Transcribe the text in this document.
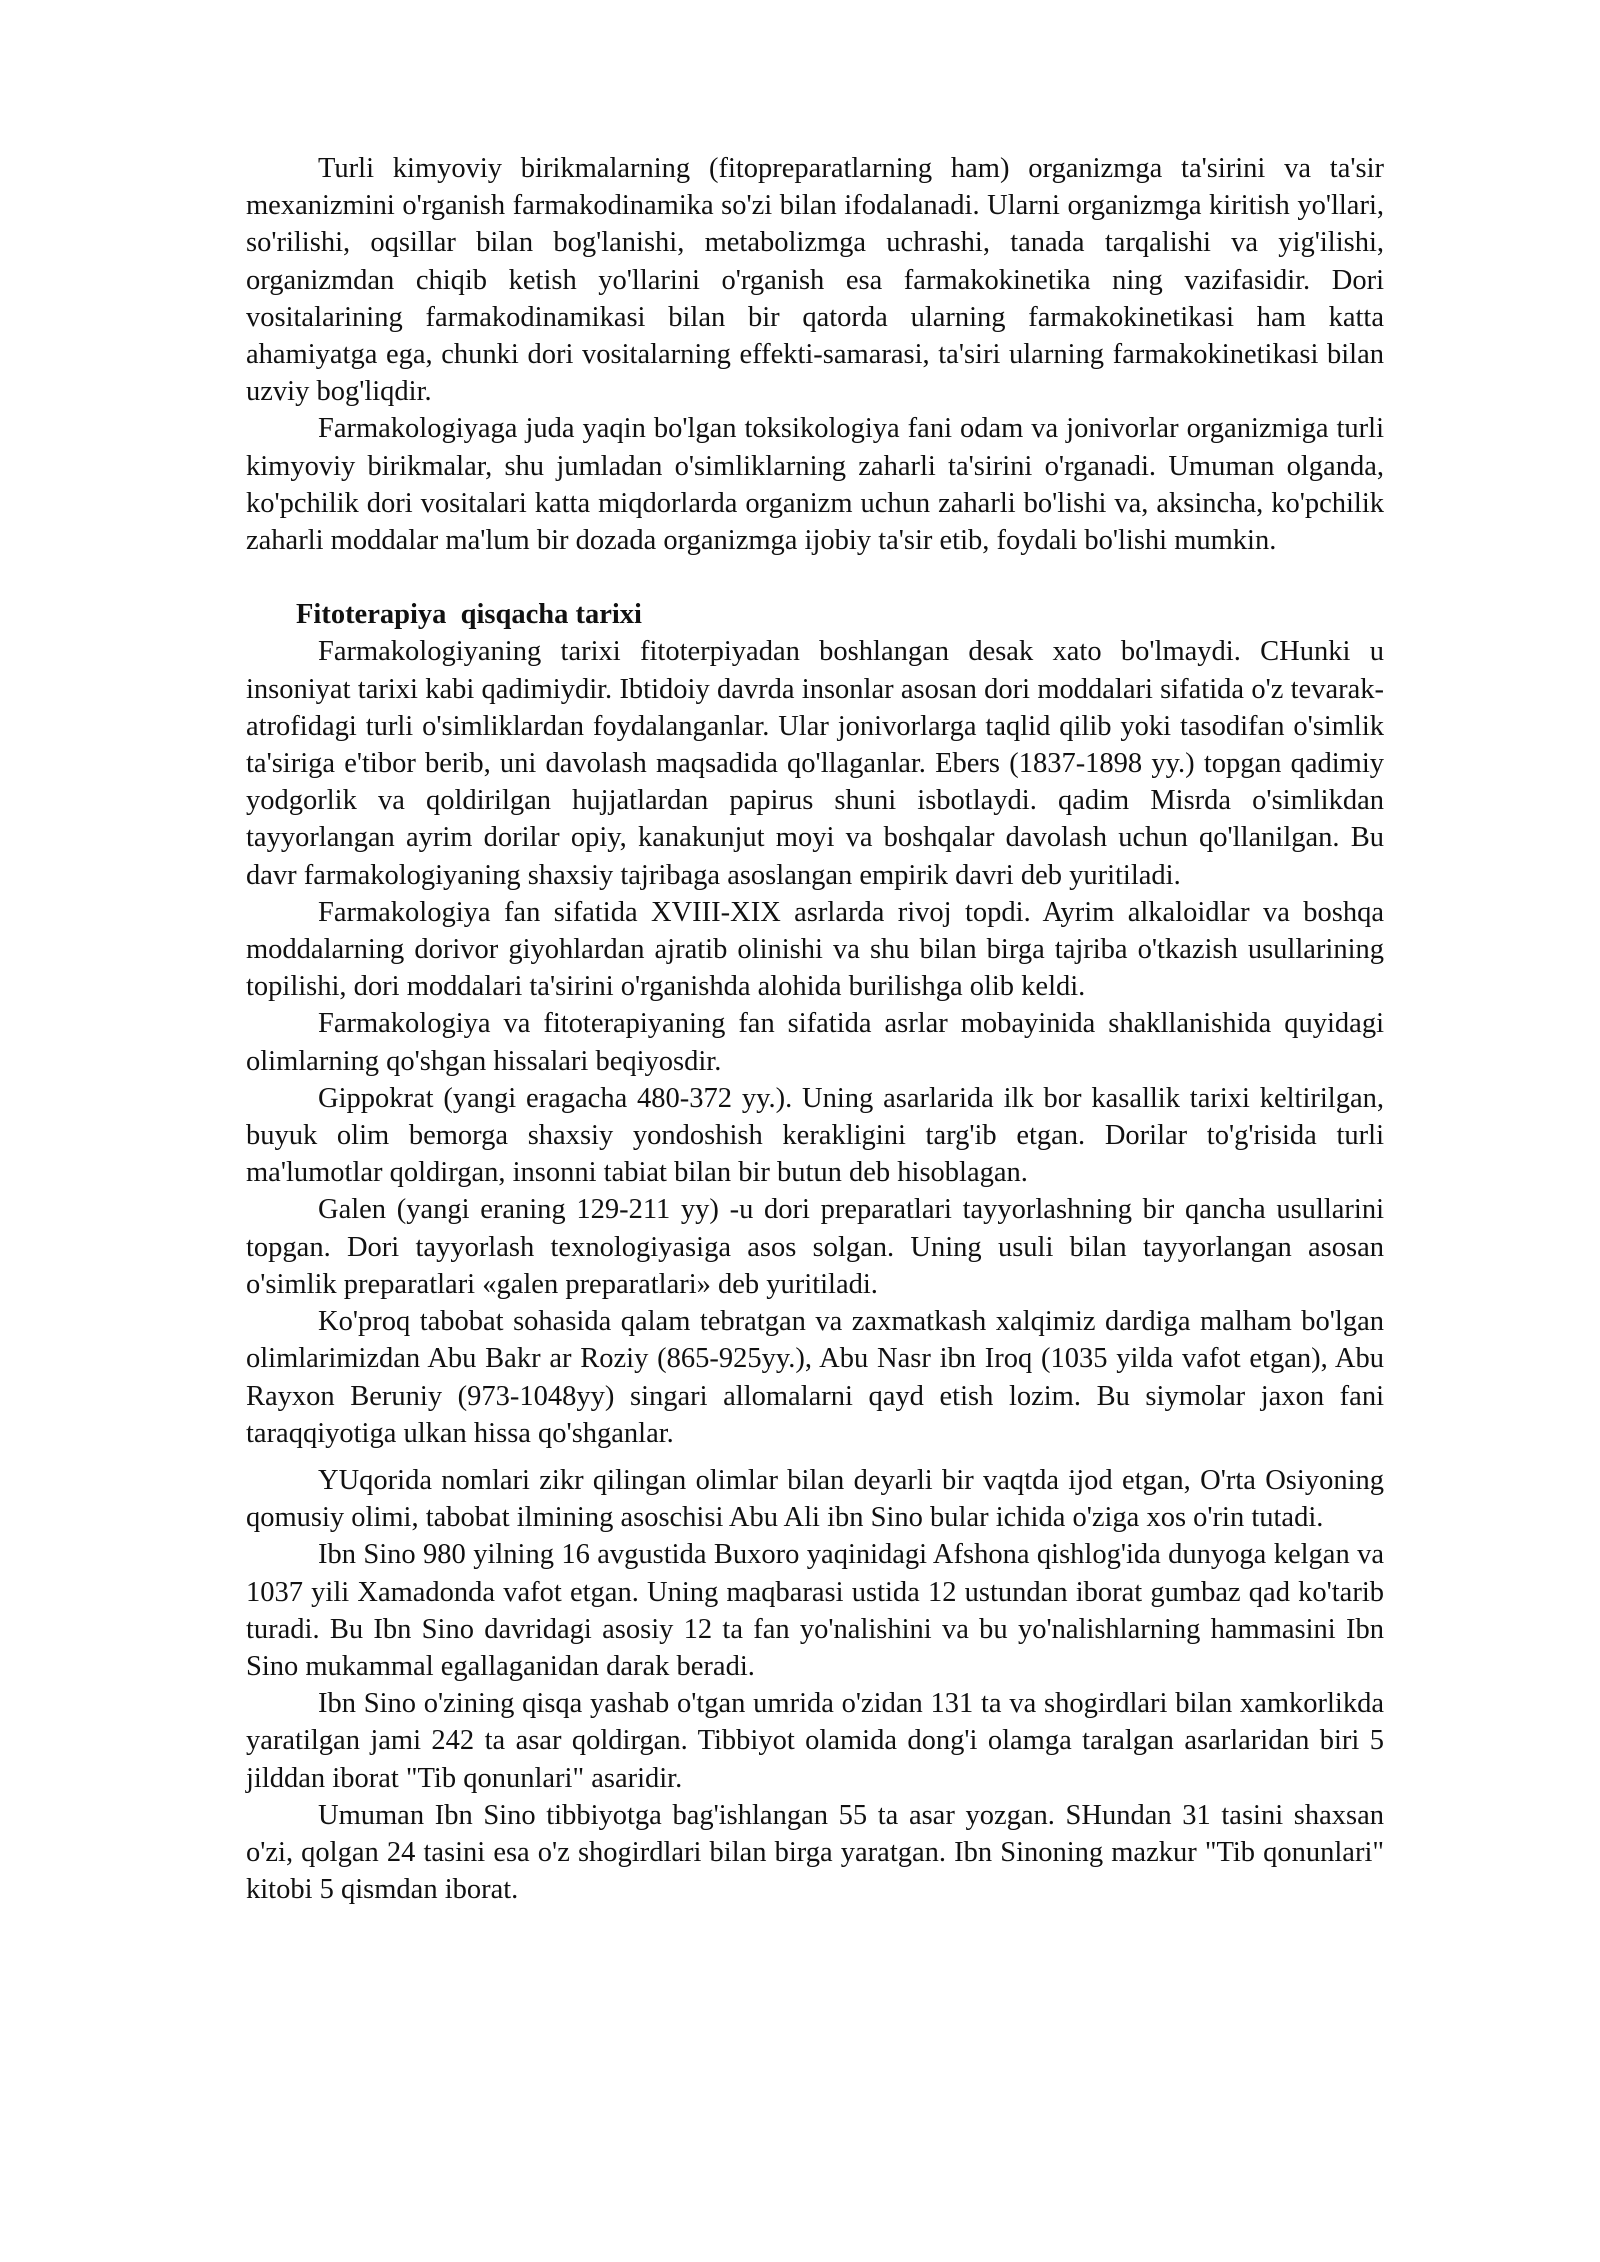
Turli kimyoviy birikmalarning (fitopreparatlarning ham) organizmga ta'sirini va ta'sir mexanizmini o'rganish farmakodinamika so'zi bilan ifodalanadi. Ularni organizmga kiritish yo'llari, so'rilishi, oqsillar bilan bog'lanishi, metabolizmga uchrashi, tanada tarqalishi va yig'ilishi, organizmdan chiqib ketish yo'llarini o'rganish esa farmakokinetika ning vazifasidir. Dori vositalarining farmakodinamikasi bilan bir qatorda ularning farmakokinetikasi ham katta ahamiyatga ega, chunki dori vositalarning effekti-samarasi, ta'siri ularning farmakokinetikasi bilan uzviy bog'liqdir.

Farmakologiyaga juda yaqin bo'lgan toksikologiya fani odam va jonivorlar organizmiga turli kimyoviy birikmalar, shu jumladan o'simliklarning zaharli ta'sirini o'rganadi. Umuman olganda, ko'pchilik dori vositalari katta miqdorlarda organizm uchun zaharli bo'lishi va, aksincha, ko'pchilik zaharli moddalar ma'lum bir dozada organizmga ijobiy ta'sir etib, foydali bo'lishi mumkin.

Fitoterapiya  qisqacha tarixi

Farmakologiyaning tarixi fitoterpiyadan boshlangan desak xato bo'lmaydi. CHunki u insoniyat tarixi kabi qadimiydir. Ibtidoiy davrda insonlar asosan dori moddalari sifatida o'z tevarak-atrofidagi turli o'simliklardan foydalanganlar. Ular jonivorlarga taqlid qilib yoki tasodifan o'simlik ta'siriga e'tibor berib, uni davolash maqsadida qo'llaganlar. Ebers (1837-1898 yy.) topgan qadimiy yodgorlik va qoldirilgan hujjatlardan papirus shuni isbotlaydi. qadim Misrda o'simlikdan tayyorlangan ayrim dorilar opiy, kanakunjut moyi va boshqalar davolash uchun qo'llanilgan. Bu davr farmakologiyaning shaxsiy tajribaga asoslangan empirik davri deb yuritiladi.

Farmakologiya fan sifatida XVIII-XIX asrlarda rivoj topdi. Ayrim alkaloidlar va boshqa moddalarning dorivor giyohlardan ajratib olinishi va shu bilan birga tajriba o'tkazish usullarining topilishi, dori moddalari ta'sirini o'rganishda alohida burilishga olib keldi.

Farmakologiya va fitoterapiyaning fan sifatida asrlar mobayinida shakllanishida quyidagi olimlarning qo'shgan hissalari beqiyosdir.

Gippokrat (yangi eragacha 480-372 yy.). Uning asarlarida ilk bor kasallik tarixi keltirilgan, buyuk olim bemorga shaxsiy yondoshish kerakligini targ'ib etgan. Dorilar to'g'risida turli ma'lumotlar qoldirgan, insonni tabiat bilan bir butun deb hisoblagan.

Galen (yangi eraning 129-211 yy) -u dori preparatlari tayyorlashning bir qancha usullarini topgan. Dori tayyorlash texnologiyasiga asos solgan. Uning usuli bilan tayyorlangan asosan o'simlik preparatlari «galen preparatlari» deb yuritiladi.

Ko'proq tabobat sohasida qalam tebratgan va zaxmatkash xalqimiz dardiga malham bo'lgan olimlarimizdan Abu Bakr ar Roziy (865-925yy.), Abu Nasr ibn Iroq (1035 yilda vafot etgan), Abu Rayxon Beruniy (973-1048yy) singari allomalarni qayd etish lozim. Bu siymolar jaxon fani taraqqiyotiga ulkan hissa qo'shganlar.

YUqorida nomlari zikr qilingan olimlar bilan deyarli bir vaqtda ijod etgan, O'rta Osiyoning qomusiy olimi, tabobat ilmining asoschisi Abu Ali ibn Sino bular ichida o'ziga xos o'rin tutadi.

Ibn Sino 980 yilning 16 avgustida Buxoro yaqinidagi Afshona qishlog'ida dunyoga kelgan va 1037 yili Xamadonda vafot etgan. Uning maqbarasi ustida 12 ustundan iborat gumbaz qad ko'tarib turadi. Bu Ibn Sino davridagi asosiy 12 ta fan yo'nalishini va bu yo'nalishlarning hammasini Ibn Sino mukammal egallaganidan darak beradi.

Ibn Sino o'zining qisqa yashab o'tgan umrida o'zidan 131 ta va shogirdlari bilan xamkorlikda yaratilgan jami 242 ta asar qoldirgan. Tibbiyot olamida dong'i olamga taralgan asarlaridan biri 5 jilddan iborat "Tib qonunlari" asaridir.

Umuman Ibn Sino tibbiyotga bag'ishlangan 55 ta asar yozgan. SHundan 31 tasini shaxsan o'zi, qolgan 24 tasini esa o'z shogirdlari bilan birga yaratgan. Ibn Sinoning mazkur "Tib qonunlari" kitobi 5 qismdan iborat.
